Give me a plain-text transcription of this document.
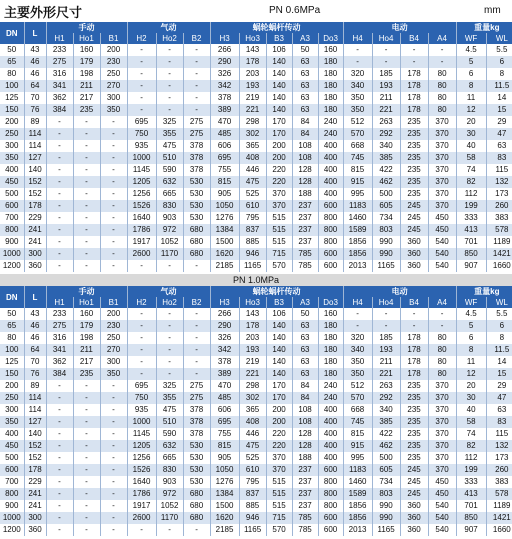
主要外形尺寸	PN 0.6MPa	mm
DN	L	手动			气动			蜗轮蜗杆传动					电动				重量kg	
		H1	Ho1	B1	H2	Ho2	B2	H3	Ho3	B3	A3	Do3	H4	Ho4	B4	A4	WF	WL
50	43	233	160	200	-	-	-	266	143	106	50	160	-	-	-	-	4.5	5.5
65	46	275	179	230	-	-	-	290	178	140	63	180	-	-	-	-	5	6
80	46	316	198	250	-	-	-	326	203	140	63	180	320	185	178	80	6	8
100	64	341	211	270	-	-	-	342	193	140	63	180	340	193	178	80	8	11.5
125	70	362	217	300	-	-	-	378	219	140	63	180	350	211	178	80	11	14
150	76	384	235	350	-	-	-	389	221	140	63	180	350	221	178	80	12	15
200	89	-	-	-	695	325	275	470	298	170	84	240	512	263	235	370	20	29
250	114	-	-	-	750	355	275	485	302	170	84	240	570	292	235	370	30	47
300	114	-	-	-	935	475	378	606	365	200	108	400	668	340	235	370	40	63
350	127	-	-	-	1000	510	378	695	408	200	108	400	745	385	235	370	58	83
400	140	-	-	-	1145	590	378	755	446	220	128	400	815	422	235	370	74	115
450	152	-	-	-	1205	632	530	815	475	220	128	400	915	462	235	370	82	132
500	152	-	-	-	1256	665	530	905	525	370	188	400	995	500	235	370	112	173
600	178	-	-	-	1526	830	530	1050	610	370	237	600	1183	605	245	370	199	260
700	229	-	-	-	1640	903	530	1276	795	515	237	800	1460	734	245	450	333	383
800	241	-	-	-	1786	972	680	1384	837	515	237	800	1589	803	245	450	413	578
900	241	-	-	-	1917	1052	680	1500	885	515	237	800	1856	990	360	540	701	1189
1000	300	-	-	-	2600	1170	680	1620	946	715	785	600	1856	990	360	540	850	1421
1200	360	-	-	-	-	-	-	2185	1165	570	785	600	2013	1165	360	540	907	1660
PN 1.0MPa
DN	L	手动			气动			蜗轮蜗杆传动					电动				重量kg	
		H1	Ho1	B1	H2	Ho2	B2	H3	Ho3	B3	A3	Do3	H4	Ho4	B4	A4	WF	WL
50	43	233	160	200	-	-	-	266	143	106	50	160	-	-	-	-	4.5	5.5
65	46	275	179	230	-	-	-	290	178	140	63	180	-	-	-	-	5	6
80	46	316	198	250	-	-	-	326	203	140	63	180	320	185	178	80	6	8
100	64	341	211	270	-	-	-	342	193	140	63	180	340	193	178	80	8	11.5
125	70	362	217	300	-	-	-	378	219	140	63	180	350	211	178	80	11	14
150	76	384	235	350	-	-	-	389	221	140	63	180	350	221	178	80	12	15
200	89	-	-	-	695	325	275	470	298	170	84	240	512	263	235	370	20	29
250	114	-	-	-	750	355	275	485	302	170	84	240	570	292	235	370	30	47
300	114	-	-	-	935	475	378	606	365	200	108	400	668	340	235	370	40	63
350	127	-	-	-	1000	510	378	695	408	200	108	400	745	385	235	370	58	83
400	140	-	-	-	1145	590	378	755	446	220	128	400	815	422	235	370	74	115
450	152	-	-	-	1205	632	530	815	475	220	128	400	915	462	235	370	82	132
500	152	-	-	-	1256	665	530	905	525	370	188	400	995	500	235	370	112	173
600	178	-	-	-	1526	830	530	1050	610	370	237	600	1183	605	245	370	199	260
700	229	-	-	-	1640	903	530	1276	795	515	237	800	1460	734	245	450	333	383
800	241	-	-	-	1786	972	680	1384	837	515	237	800	1589	803	245	450	413	578
900	241	-	-	-	1917	1052	680	1500	885	515	237	800	1856	990	360	540	701	1189
1000	300	-	-	-	2600	1170	680	1620	946	715	785	600	1856	990	360	540	850	1421
1200	360	-	-	-	-	-	-	2185	1165	570	785	600	2013	1165	360	540	907	1660
